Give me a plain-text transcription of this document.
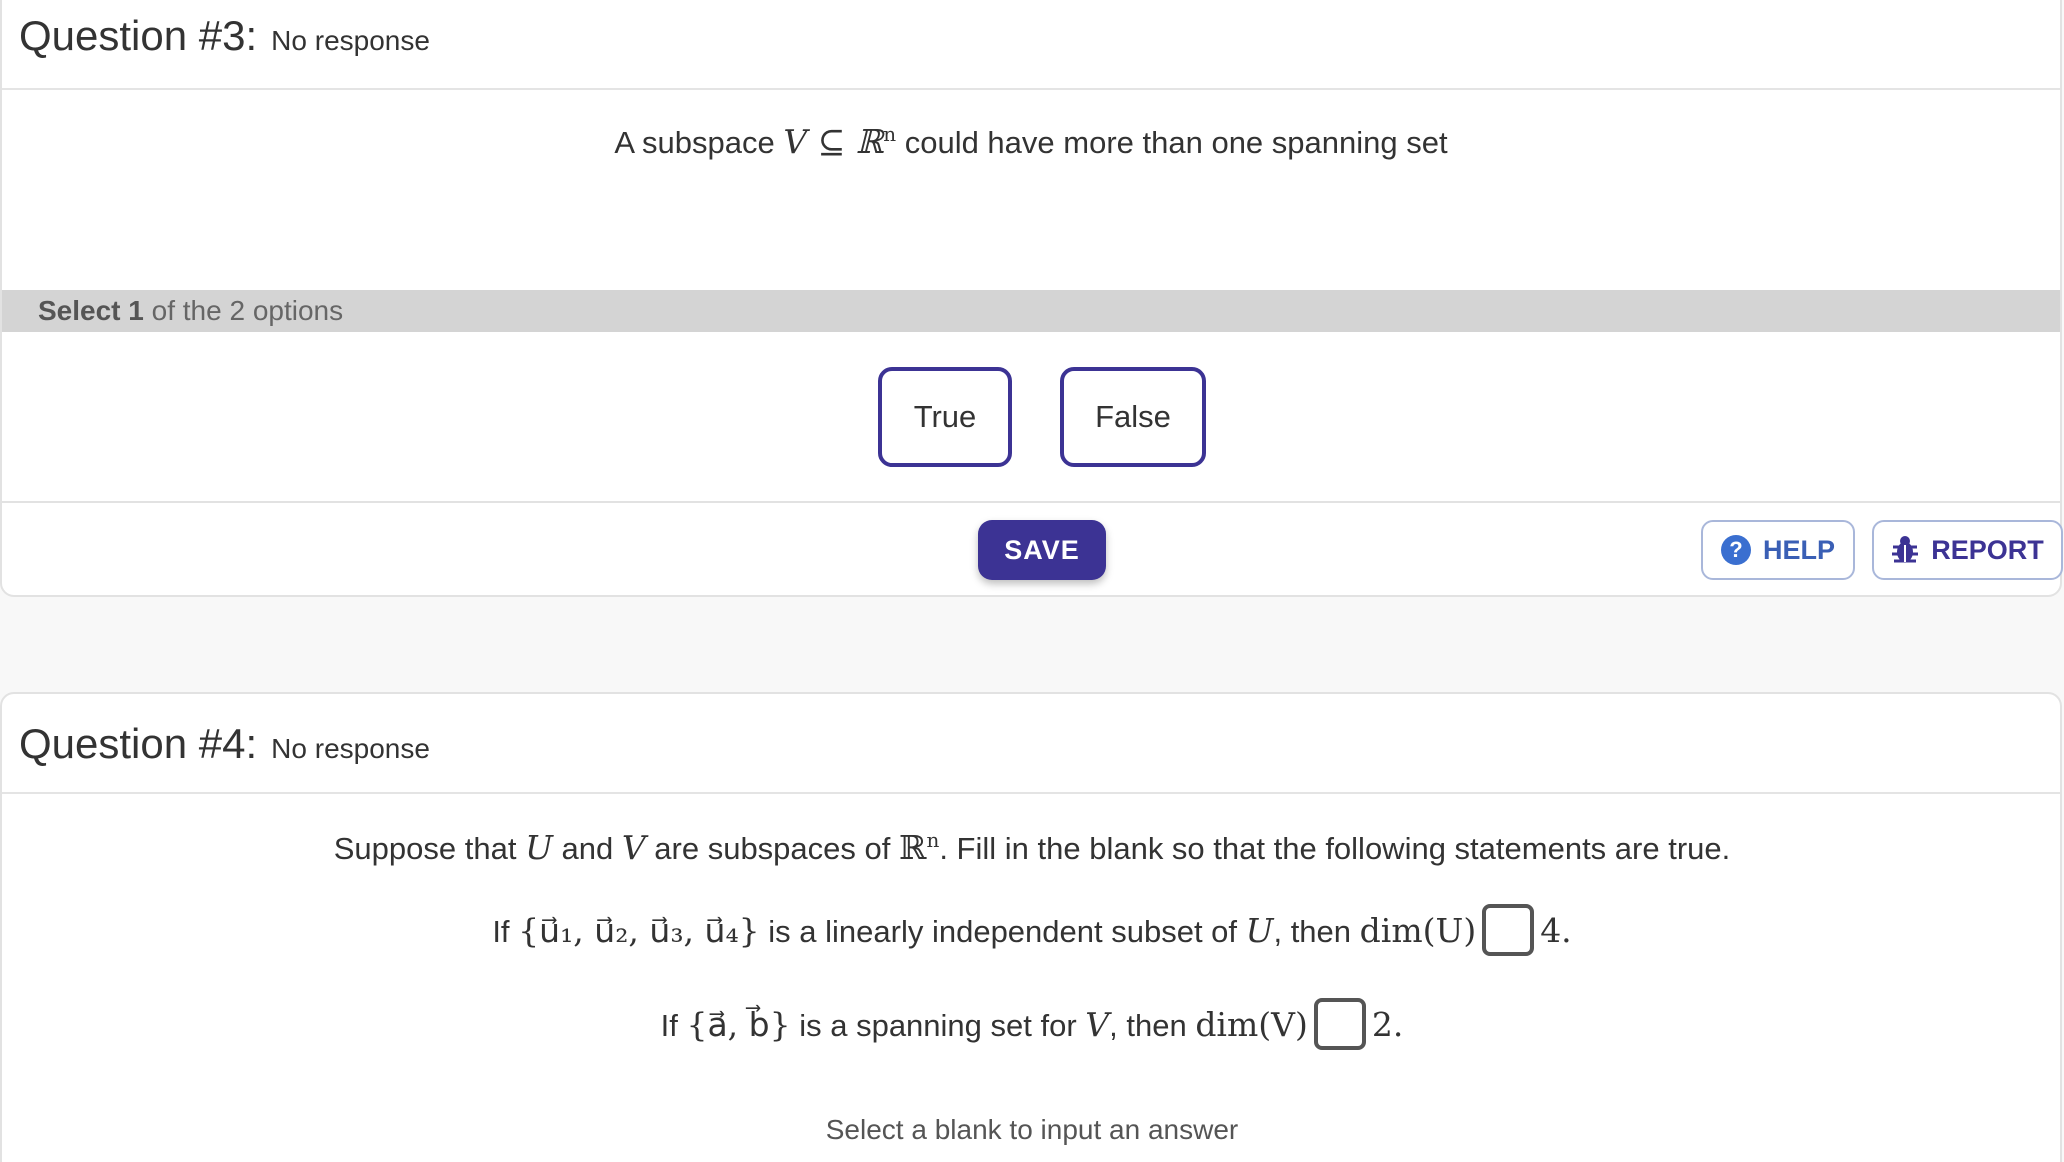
Question #3: No response
A subspace V ⊆ ℝ$^n$ could have more than one spanning set
Select 1 of the 2 options
True	False
SAVE	? HELP	REPORT
Question #4: No response
Suppose that U and V are subspaces of ℝ$^n$. Fill in the blank so that the following statements are true.
If {u⃗₁, u⃗₂, u⃗₃, u⃗₄} is a linearly independent subset of U, then dim(U) 4.
If {a⃗, b⃗} is a spanning set for V, then dim(V) 2.
Select a blank to input an answer
